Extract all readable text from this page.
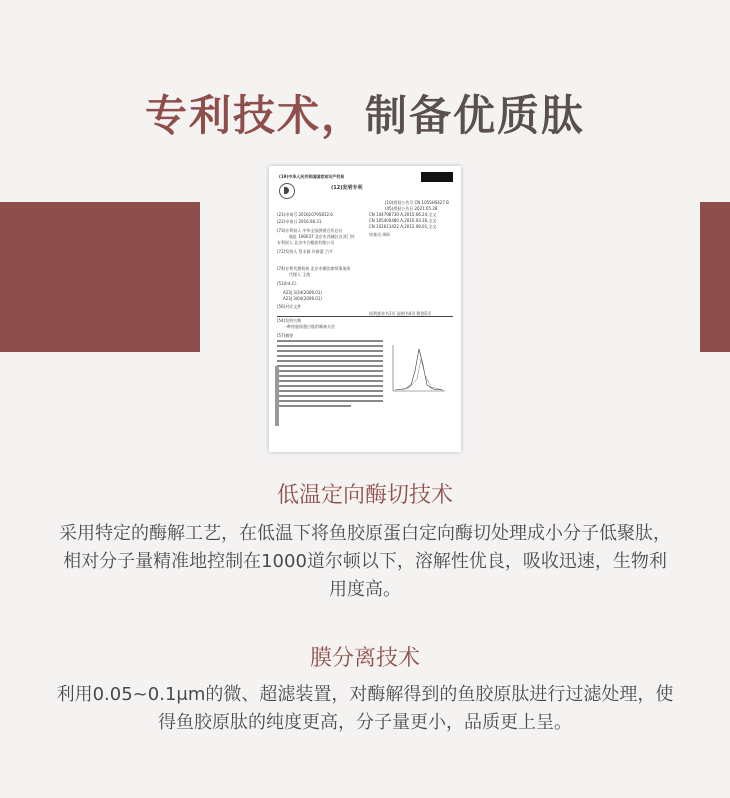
专利技术，制备优质肽
(19)中华人民共和国国家知识产权局
(12)发明专利
(10)授权公告号 CN 105SHS427 B
(45)授权公告日 2021.05.28
(21)申请号 201610795812.6
(22)申请日 2016.08.31
(73)专利权人 中华全国供销合作总社
地址 100037 北京市西城区宣武门外
专利权人 北京中合粮油有限公司
(72)发明人 蔡丰源 许新蕾 吕平
(74)专利代理机构 北京市柳沈律师事务所
代理人 王茜
(51)Int.Cl.
A23J 3/34(2006.01)
A23J 3/04(2006.01)
(56)对比文件
CN 104798730 A,2015.06.24,全文
CN 105400480 A,2016.03.16,全文
CN 102613422 A,2012.08.01,全文
审查员 周昕
(54)发明名称
一种鱼胶原蛋白肽的制备方法
(57)摘要
权利要求书1页 说明书4页 附图1页
低温定向酶切技术
采用特定的酶解工艺，在低温下将鱼胶原蛋白定向酶切处理成小分子低聚肽，相对分子量精准地控制在1000道尔顿以下，溶解性优良，吸收迅速，生物利用度高。
膜分离技术
利用0.05~0.1μm的微、超滤装置，对酶解得到的鱼胶原肽进行过滤处理，使得鱼胶原肽的纯度更高，分子量更小，品质更上呈。
